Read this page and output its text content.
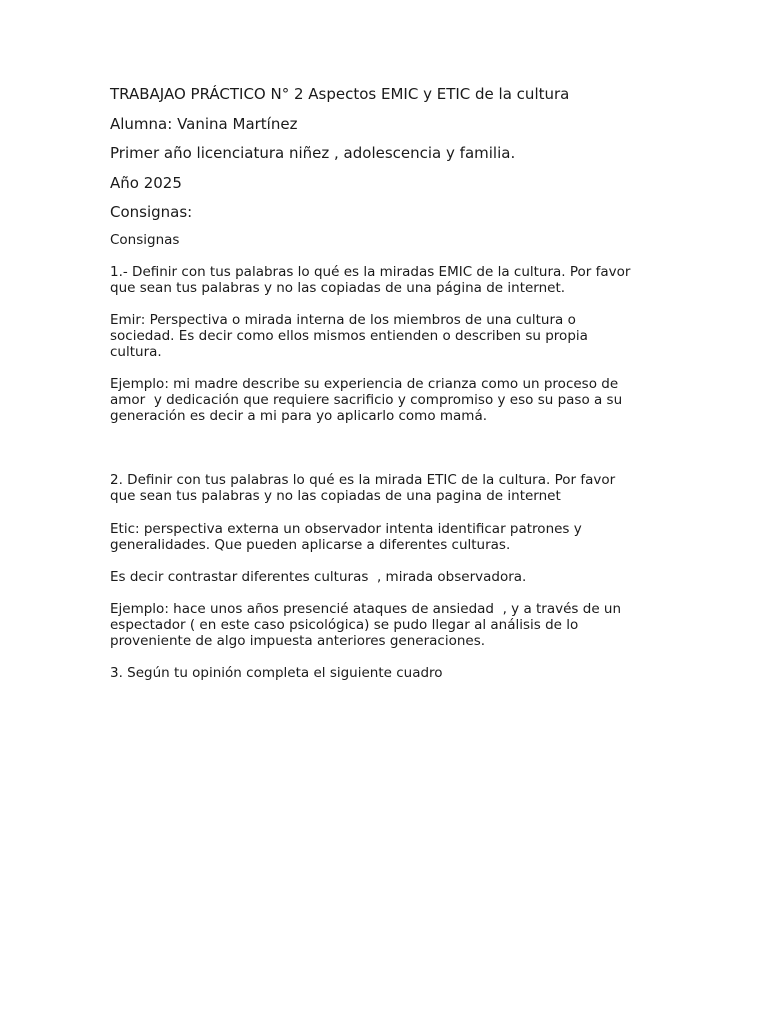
TRABAJAO PRÁCTICO N° 2 Aspectos EMIC y ETIC de la cultura

Alumna: Vanina Martínez

Primer año licenciatura niñez , adolescencia y familia.

Año 2025

Consignas:

Consignas

1.- Definir con tus palabras lo qué es la miradas EMIC de la cultura. Por favor
que sean tus palabras y no las copiadas de una página de internet.

Emir: Perspectiva o mirada interna de los miembros de una cultura o
sociedad. Es decir como ellos mismos entienden o describen su propia
cultura.

Ejemplo: mi madre describe su experiencia de crianza como un proceso de
amor  y dedicación que requiere sacrificio y compromiso y eso su paso a su
generación es decir a mi para yo aplicarlo como mamá.

2. Definir con tus palabras lo qué es la mirada ETIC de la cultura. Por favor
que sean tus palabras y no las copiadas de una pagina de internet

Etic: perspectiva externa un observador intenta identificar patrones y
generalidades. Que pueden aplicarse a diferentes culturas.

Es decir contrastar diferentes culturas  , mirada observadora.

Ejemplo: hace unos años presencié ataques de ansiedad  , y a través de un
espectador ( en este caso psicológica) se pudo llegar al análisis de lo
proveniente de algo impuesta anteriores generaciones.

3. Según tu opinión completa el siguiente cuadro
